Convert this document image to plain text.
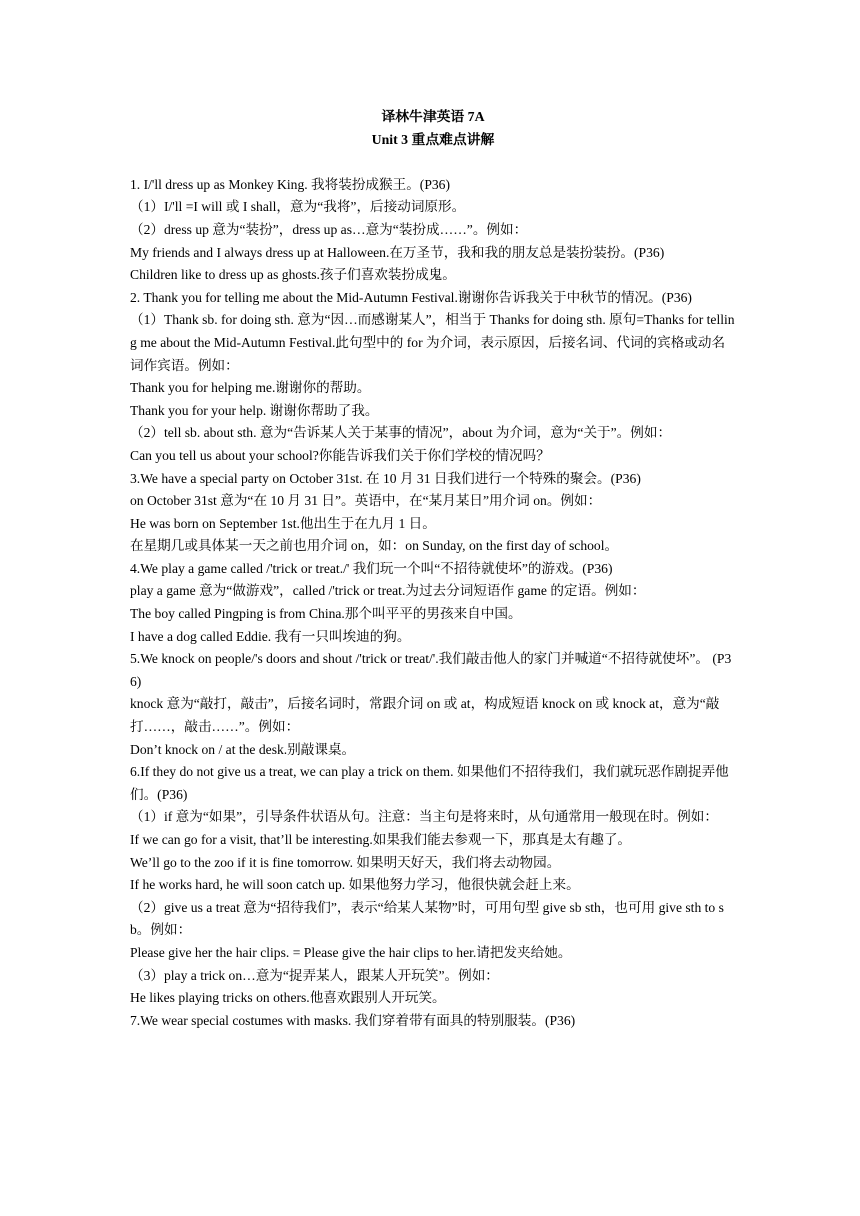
译林牛津英语 7A
Unit 3 重点难点讲解

1. I/'ll dress up as Monkey King. 我将装扮成猴王。(P36)

（1）I/'ll =I will 或 I shall，意为“我将”，后接动词原形。

（2）dress up 意为“装扮”，dress up as…意为“装扮成……”。例如：

My friends and I always dress up at Halloween.在万圣节，我和我的朋友总是装扮装扮。(P36)

Children like to dress up as ghosts.孩子们喜欢装扮成鬼。

2. Thank you for telling me about the Mid-Autumn Festival.谢谢你告诉我关于中秋节的情况。(P36)

（1）Thank sb. for doing sth. 意为“因…而感谢某人”，相当于 Thanks for doing sth. 原句=Thanks for telling me about the Mid-Autumn Festival.此句型中的 for 为介词，表示原因，后接名词、代词的宾格或动名词作宾语。例如：

Thank you for helping me.谢谢你的帮助。

Thank you for your help. 谢谢你帮助了我。

（2）tell sb. about sth. 意为“告诉某人关于某事的情况”，about 为介词，意为“关于”。例如：

Can you tell us about your school?你能告诉我们关于你们学校的情况吗？

3.We have a special party on October 31st. 在 10 月 31 日我们进行一个特殊的聚会。(P36)

on October 31st 意为“在 10 月 31 日”。英语中，在“某月某日”用介词 on。例如：

He was born on September 1st.他出生于在九月 1 日。

在星期几或具体某一天之前也用介词 on，如：on Sunday, on the first day of school。

4.We play a game called /'trick or treat./' 我们玩一个叫“不招待就使坏”的游戏。(P36)

play a game 意为“做游戏”，called /'trick or treat.为过去分词短语作 game 的定语。例如：

The boy called Pingping is from China.那个叫平平的男孩来自中国。

I have a dog called Eddie. 我有一只叫埃迪的狗。

5.We knock on people/'s doors and shout /'trick or treat/'.我们敲击他人的家门并喊道“不招待就使坏”。 (P36)

knock 意为“敲打，敲击”，后接名词时，常跟介词 on 或 at，构成短语 knock on 或 knock at，意为“敲打……，敲击……”。例如：

Don’t knock on / at the desk.别敲课桌。

6.If they do not give us a treat, we can play a trick on them. 如果他们不招待我们，我们就玩恶作剧捉弄他们。(P36)

（1）if 意为“如果”，引导条件状语从句。注意：当主句是将来时，从句通常用一般现在时。例如：

If we can go for a visit, that’ll be interesting.如果我们能去参观一下，那真是太有趣了。

We’ll go to the zoo if it is fine tomorrow. 如果明天好天，我们将去动物园。

If he works hard, he will soon catch up. 如果他努力学习，他很快就会赶上来。

（2）give us a treat 意为“招待我们”，表示“给某人某物”时，可用句型 give sb sth，也可用 give sth to sb。例如：

Please give her the hair clips. = Please give the hair clips to her.请把发夹给她。

（3）play a trick on…意为“捉弄某人，跟某人开玩笑”。例如：

He likes playing tricks on others.他喜欢跟别人开玩笑。

7.We wear special costumes with masks. 我们穿着带有面具的特别服装。(P36)
